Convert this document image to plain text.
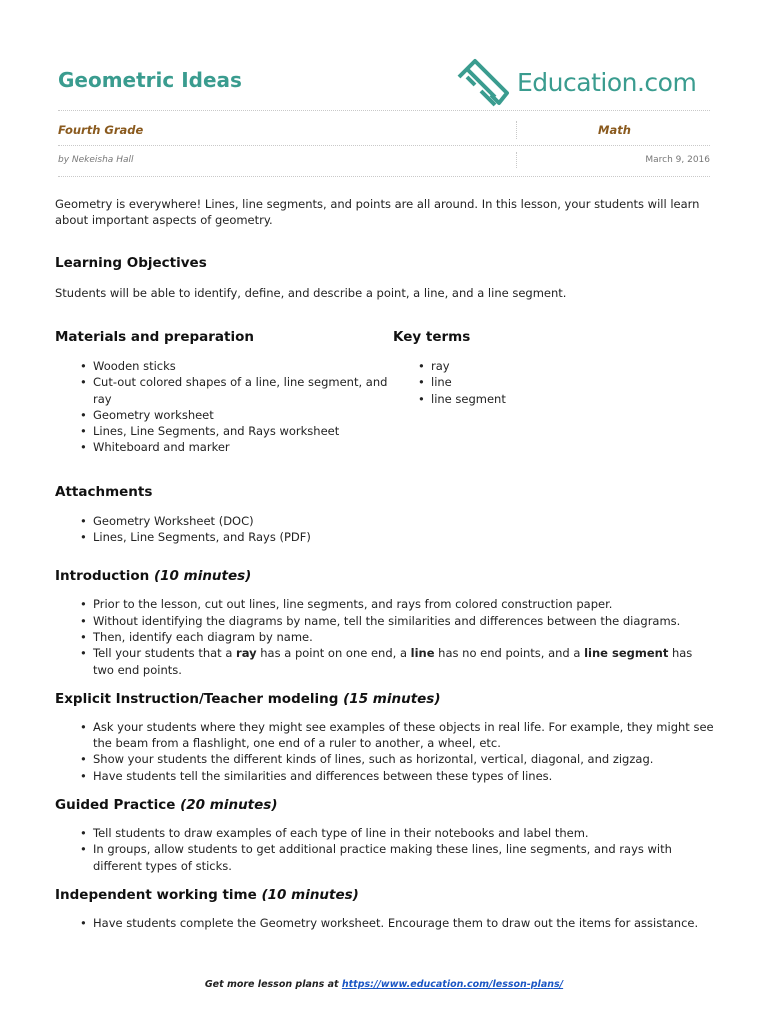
Geometric Ideas	Education.com
Fourth Grade	Math
by Nekeisha Hall	March 9, 2016

Geometry is everywhere! Lines, line segments, and points are all around. In this lesson, your students will learn about important aspects of geometry.

Learning Objectives

Students will be able to identify, define, and describe a point, a line, and a line segment.

Materials and preparation
• Wooden sticks
• Cut-out colored shapes of a line, line segment, and ray
• Geometry worksheet
• Lines, Line Segments, and Rays worksheet
• Whiteboard and marker
Key terms
• ray
• line
• line segment
Attachments
• Geometry Worksheet (DOC)
• Lines, Line Segments, and Rays (PDF)
Introduction (10 minutes)
• Prior to the lesson, cut out lines, line segments, and rays from colored construction paper.
• Without identifying the diagrams by name, tell the similarities and differences between the diagrams.
• Then, identify each diagram by name.
• Tell your students that a ray has a point on one end, a line has no end points, and a line segment has two end points.
Explicit Instruction/Teacher modeling (15 minutes)
• Ask your students where they might see examples of these objects in real life. For example, they might see the beam from a flashlight, one end of a ruler to another, a wheel, etc.
• Show your students the different kinds of lines, such as horizontal, vertical, diagonal, and zigzag.
• Have students tell the similarities and differences between these types of lines.
Guided Practice (20 minutes)
• Tell students to draw examples of each type of line in their notebooks and label them.
• In groups, allow students to get additional practice making these lines, line segments, and rays with different types of sticks.
Independent working time (10 minutes)
• Have students complete the Geometry worksheet. Encourage them to draw out the items for assistance.
Get more lesson plans at https://www.education.com/lesson-plans/
